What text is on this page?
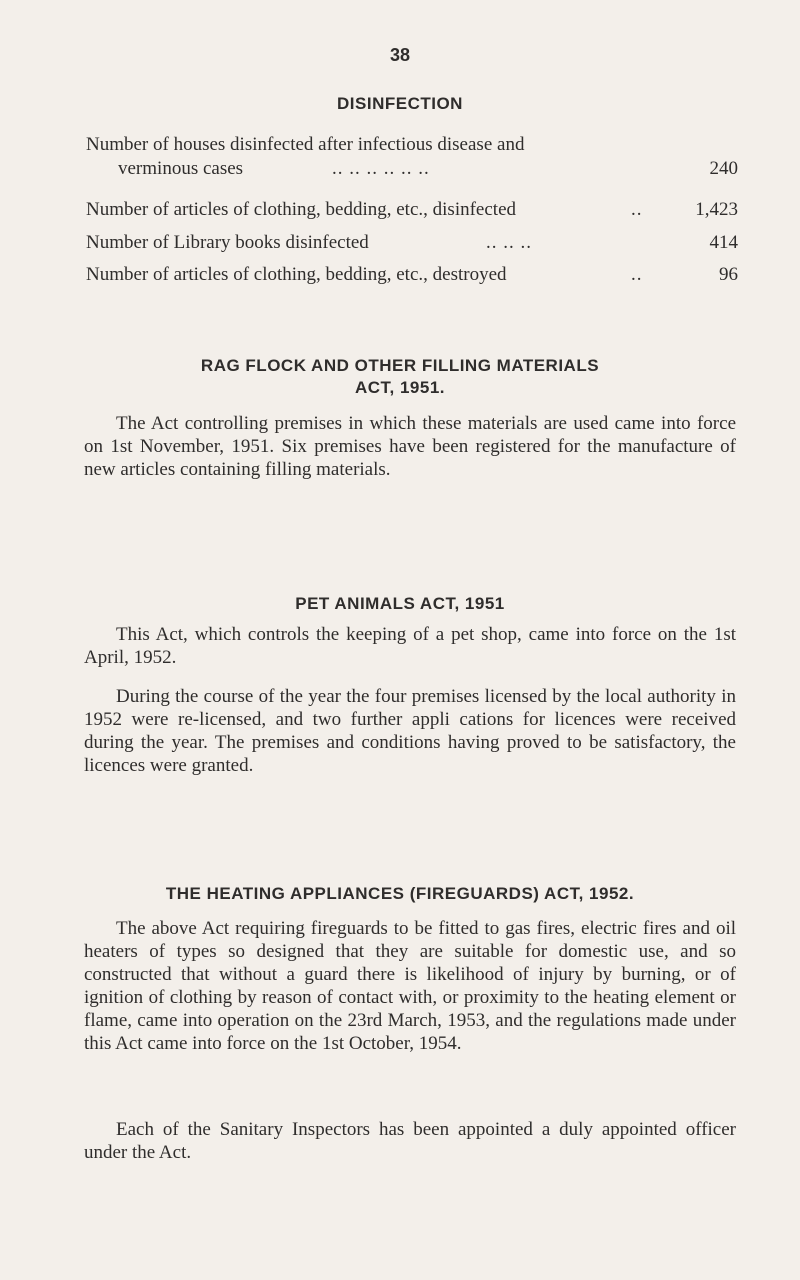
38
DISINFECTION
Number of houses disinfected after infectious disease and
verminous cases	.. .. .. .. .. ..	240
Number of articles of clothing, bedding, etc., disinfected	..	1,423
Number of Library books disinfected	.. .. ..	414
Number of articles of clothing, bedding, etc., destroyed	..	96
RAG FLOCK AND OTHER FILLING MATERIALS
ACT, 1951.

The Act controlling premises in which these materials are used came into force on 1st November, 1951. Six premises have been registered for the manufacture of new articles containing filling materials.

PET ANIMALS ACT, 1951

This Act, which controls the keeping of a pet shop, came into force on the 1st April, 1952.

During the course of the year the four premises licensed by the local authority in 1952 were re-licensed, and two further appli cations for licences were received during the year. The premises and conditions having proved to be satisfactory, the licences were granted.

THE HEATING APPLIANCES (FIREGUARDS) ACT, 1952.

The above Act requiring fireguards to be fitted to gas fires, electric fires and oil heaters of types so designed that they are suitable for domestic use, and so constructed that without a guard there is likelihood of injury by burning, or of ignition of clothing by reason of contact with, or proximity to the heating element or flame, came into operation on the 23rd March, 1953, and the regulations made under this Act came into force on the 1st October, 1954.

Each of the Sanitary Inspectors has been appointed a duly appointed officer under the Act.
